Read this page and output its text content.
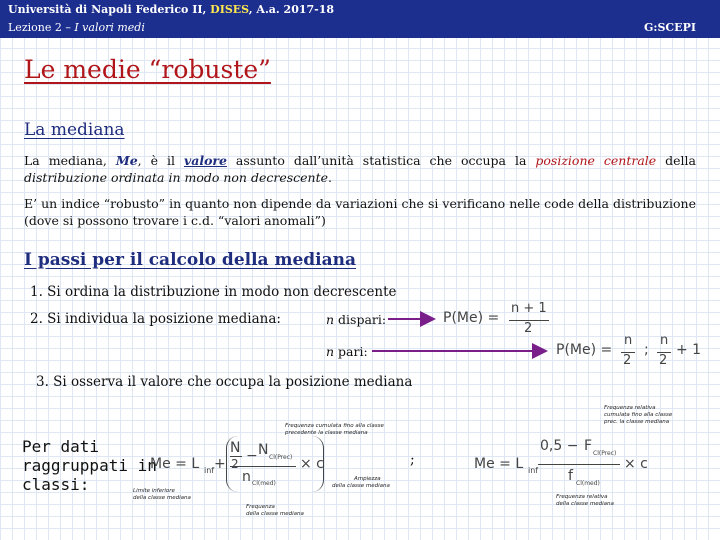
Università di Napoli Federico II, DISES, A.a. 2017-18
Lezione 2 – I valori medi	G:SCEPI
Le medie “robuste”
La mediana
La mediana, Me, è il valore assunto dall’unità statistica che occupa la posizione centrale della distribuzione ordinata in modo non decrescente.
E’ un indice “robusto” in quanto non dipende da variazioni che si verificano nelle code della distribuzione (dove si possono trovare i c.d. “valori anomali”)
I passi per il calcolo della mediana
1. Si ordina la distribuzione in modo non decrescente
2. Si individua la posizione mediana:
3. Si osserva il valore che occupa la posizione mediana
n dispari:
n pari:
P(Me) =
n + 1
2
P(Me) =
n
2
;
n
2
+ 1
Per dati
raggruppati in
classi:
Me = L inf +
N
2 − N Cl(Prec)
n Cl(med)
× c	;	Me = L inf
0,5 − F Cl(Prec)
f Cl(med)
× c
Frequenza cumulata fino alla classe
precedente la classe mediana
Ampiezza
della classe mediana
Limite inferiore
della classe mediana
Frequenza
della classe mediana
Frequenza relativa
cumulata fino alla classe
prec. la classe mediana
Frequenza relativa
della classe mediana
